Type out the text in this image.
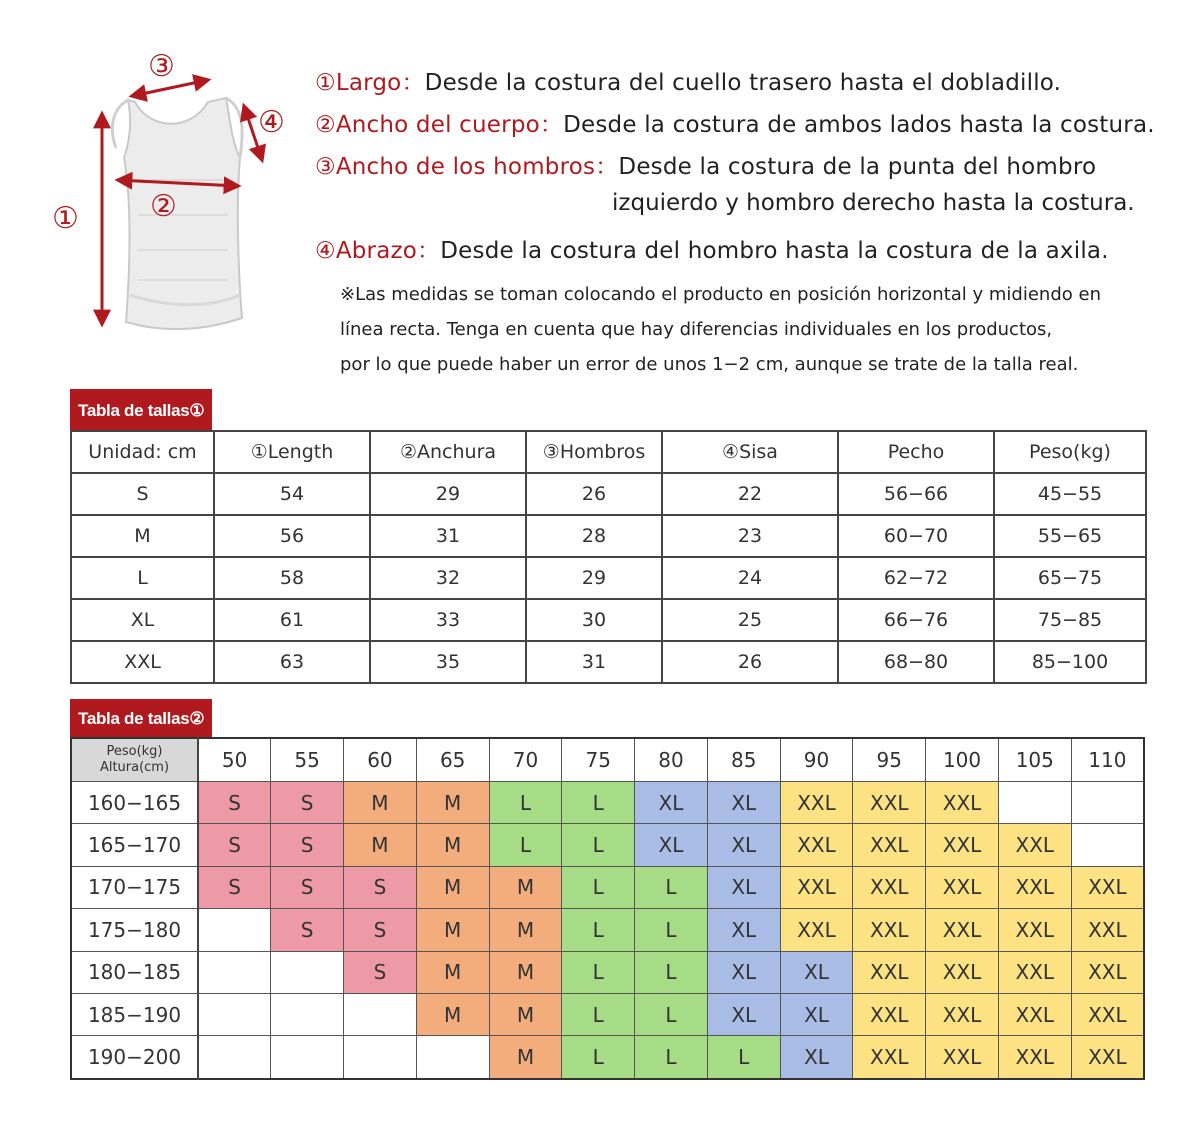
① ②
③
④
①Largo：Desde la costura del cuello trasero hasta el dobladillo.
②Ancho del cuerpo：Desde la costura de ambos lados hasta la costura.
③Ancho de los hombros：Desde la costura de la punta del hombro
izquierdo y hombro derecho hasta la costura.
④Abrazo：Desde la costura del hombro hasta la costura de la axila.
※Las medidas se toman colocando el producto en posición horizontal y midiendo en
línea recta. Tenga en cuenta que hay diferencias individuales en los productos,
por lo que puede haber un error de unos 1−2 cm, aunque se trate de la talla real.
Tabla de tallas①
Unidad: cm	①Length	②Anchura	③Hombros	④Sisa	Pecho	Peso(kg)
S	54	29	26	22	56−66	45−55
M	56	31	28	23	60−70	55−65
L	58	32	29	24	62−72	65−75
XL	61	33	30	25	66−76	75−85
XXL	63	35	31	26	68−80	85−100
Tabla de tallas②
Peso(kg)
Altura(cm)	50	55	60	65	70	75	80	85	90	95	100	105	110
160−165	S	S	M	M	L	L	XL	XL	XXL	XXL	XXL		
165−170	S	S	M	M	L	L	XL	XL	XXL	XXL	XXL	XXL	
170−175	S	S	S	M	M	L	L	XL	XXL	XXL	XXL	XXL	XXL
175−180		S	S	M	M	L	L	XL	XXL	XXL	XXL	XXL	XXL
180−185			S	M	M	L	L	XL	XL	XXL	XXL	XXL	XXL
185−190				M	M	L	L	XL	XL	XXL	XXL	XXL	XXL
190−200					M	L	L	L	XL	XXL	XXL	XXL	XXL
